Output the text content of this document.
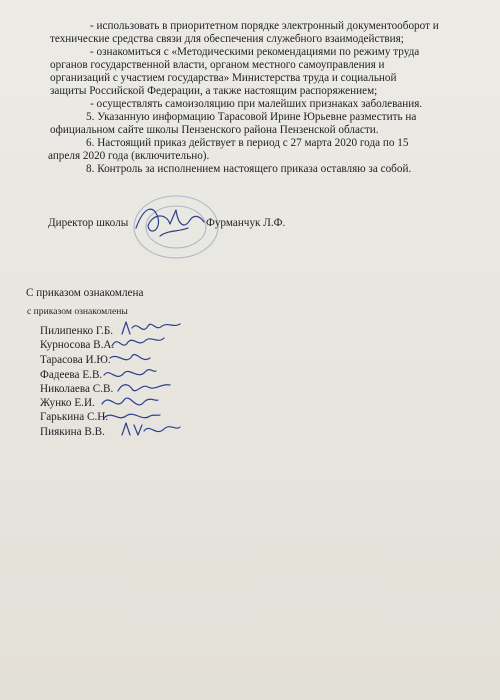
- использовать в приоритетном порядке электронный документооборот и
технические средства связи для обеспечения служебного взаимодействия;
- ознакомиться с «Методическими рекомендациями по режиму труда
органов государственной власти, органом местного самоуправления и
организаций с участием государства» Министерства труда и социальной
защиты Российской Федерации, а также настоящим распоряжением;
- осуществлять самоизоляцию при малейших признаках заболевания.
5. Указанную информацию Тарасовой Ирине Юрьевне разместить на
официальном сайте школы Пензенского района Пензенской области.
6. Настоящий приказ действует в период с 27 марта 2020 года по 15
апреля 2020 года (включительно).
8. Контроль за исполнением настоящего приказа оставляю за собой.
Директор школы	Фурманчук Л.Ф.
С приказом ознакомлена
с приказом ознакомлены
Пилипенко Г.Б.
Курносова В.А.
Тарасова И.Ю.
Фадеева Е.В.
Николаева С.В.
Жунко Е.И.
Гарькина С.Н.
Пиякина В.В.
